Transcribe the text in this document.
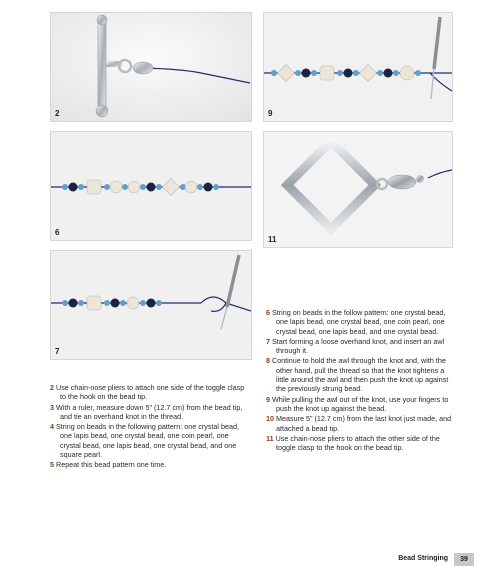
2	9
6
11
7
2 Use chain-nose pliers to attach one side of the toggle clasp to the hook on the bead tip.
3 With a ruler, measure down 5" (12.7 cm) from the bead tip, and tie an overhand knot in the thread.
4 String on beads in the following pattern: one crystal bead, one lapis bead, one crystal bead, one coin pearl, one crystal bead, one lapis bead, one crystal bead, and one square pearl.
5 Repeat this bead pattern one time.
6 String on beads in the follow pattern: one crystal bead, one lapis bead, one crystal bead, one coin pearl, one crystal bead, one lapis bead, and one crystal bead.
7 Start forming a loose overhand knot, and insert an awl through it.
8 Continue to hold the awl through the knot and, with the other hand, pull the thread so that the knot tightens a little around the awl and then push the knot up against the previously strung bead.
9 While pulling the awl out of the knot, use your fingers to push the knot up against the bead.
10 Measure 5" (12.7 cm) from the last knot just made, and attached a bead tip.
11 Use chain-nose pliers to attach the other side of the toggle clasp to the hook on the bead tip.
Bead Stringing	39
